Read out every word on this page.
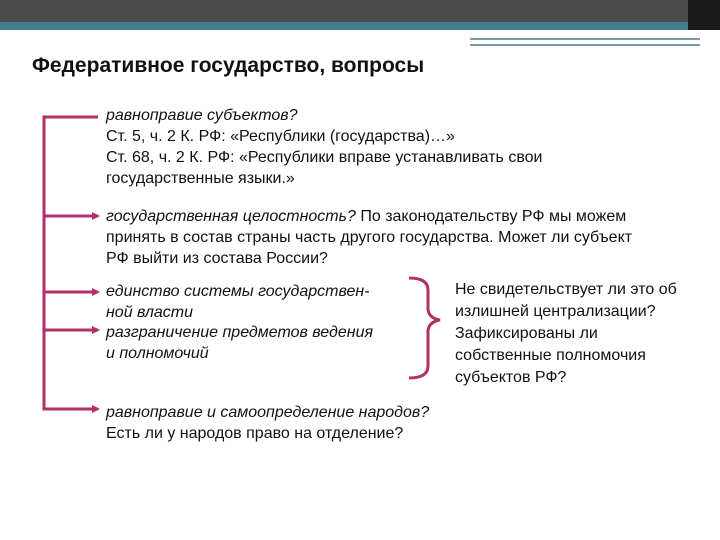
Федеративное государство, вопросы
равноправие субъектов?
Ст. 5, ч. 2 К. РФ: «Республики (государства)…»
Ст. 68, ч. 2 К. РФ: «Республики вправе устанавливать свои
государственные языки.»
государственная целостность? По законодательству РФ мы можем
принять в состав страны часть другого государства. Может ли субъект
РФ выйти из состава России?
единство системы государствен-
ной власти
разграничение предметов ведения
и полномочий
Не свидетельствует ли это об
излишней централизации?
Зафиксированы ли
собственные полномочия
субъектов РФ?
равноправие и самоопределение народов?
Есть ли у народов право на отделение?
